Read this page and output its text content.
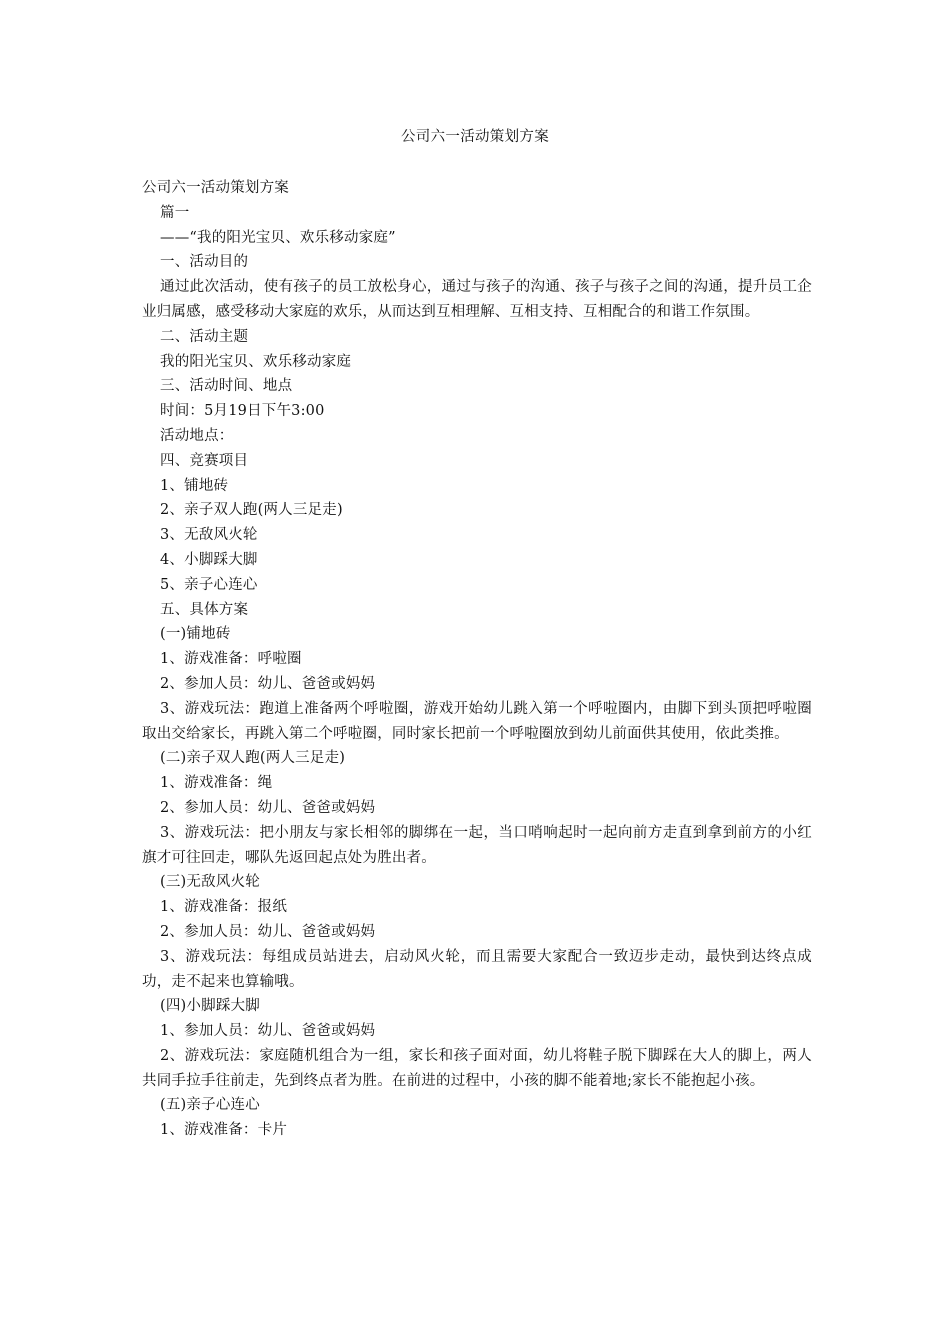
公司六一活动策划方案
公司六一活动策划方案
篇一
——“我的阳光宝贝、欢乐移动家庭”
一、活动目的
通过此次活动，使有孩子的员工放松身心，通过与孩子的沟通、孩子与孩子之间的沟通，提升员工企业归属感，感受移动大家庭的欢乐，从而达到互相理解、互相支持、互相配合的和谐工作氛围。
二、活动主题
我的阳光宝贝、欢乐移动家庭
三、活动时间、地点
时间：5月19日下午3:00
活动地点：
四、竞赛项目
1、铺地砖
2、亲子双人跑(两人三足走)
3、无敌风火轮
4、小脚踩大脚
5、亲子心连心
五、具体方案
(一)铺地砖
1、游戏准备：呼啦圈
2、参加人员：幼儿、爸爸或妈妈
3、游戏玩法：跑道上准备两个呼啦圈，游戏开始幼儿跳入第一个呼啦圈内，由脚下到头顶把呼啦圈取出交给家长，再跳入第二个呼啦圈，同时家长把前一个呼啦圈放到幼儿前面供其使用，依此类推。
(二)亲子双人跑(两人三足走)
1、游戏准备：绳
2、参加人员：幼儿、爸爸或妈妈
3、游戏玩法：把小朋友与家长相邻的脚绑在一起，当口哨响起时一起向前方走直到拿到前方的小红旗才可往回走，哪队先返回起点处为胜出者。
(三)无敌风火轮
1、游戏准备：报纸
2、参加人员：幼儿、爸爸或妈妈
3、游戏玩法：每组成员站进去，启动风火轮，而且需要大家配合一致迈步走动，最快到达终点成功，走不起来也算输哦。
(四)小脚踩大脚
1、参加人员：幼儿、爸爸或妈妈
2、游戏玩法：家庭随机组合为一组，家长和孩子面对面，幼儿将鞋子脱下脚踩在大人的脚上，两人共同手拉手往前走，先到终点者为胜。在前进的过程中，小孩的脚不能着地;家长不能抱起小孩。
(五)亲子心连心
1、游戏准备：卡片
